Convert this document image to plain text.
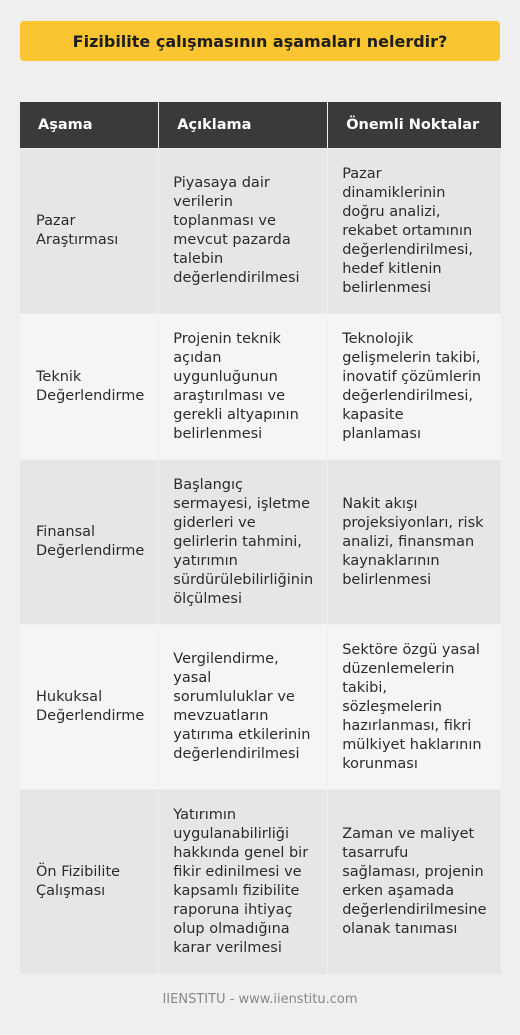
Fizibilite çalışmasının aşamaları nelerdir?
Aşama	Açıklama	Önemli Noktalar
Pazar Araştırması	Piyasaya dair verilerin toplanması ve mevcut pazarda talebin değerlendirilmesi	Pazar dinamiklerinin doğru analizi, rekabet ortamının değerlendirilmesi, hedef kitlenin belirlenmesi
Teknik Değerlendirme	Projenin teknik açıdan uygunluğunun araştırılması ve gerekli altyapının belirlenmesi	Teknolojik gelişmelerin takibi, inovatif çözümlerin değerlendirilmesi, kapasite planlaması
Finansal Değerlendirme	Başlangıç sermayesi, işletme giderleri ve gelirlerin tahmini, yatırımın sürdürülebilirliğinin ölçülmesi	Nakit akışı projeksiyonları, risk analizi, finansman kaynaklarının belirlenmesi
Hukuksal Değerlendirme	Vergilendirme, yasal sorumluluklar ve mevzuatların yatırıma etkilerinin değerlendirilmesi	Sektöre özgü yasal düzenlemelerin takibi, sözleşmelerin hazırlanması, fikri mülkiyet haklarının korunması
Ön Fizibilite Çalışması	Yatırımın uygulanabilirliği hakkında genel bir fikir edinilmesi ve kapsamlı fizibilite raporuna ihtiyaç olup olmadığına karar verilmesi	Zaman ve maliyet tasarrufu sağlaması, projenin erken aşamada değerlendirilmesine olanak tanıması
IIENSTITU - www.iienstitu.com
